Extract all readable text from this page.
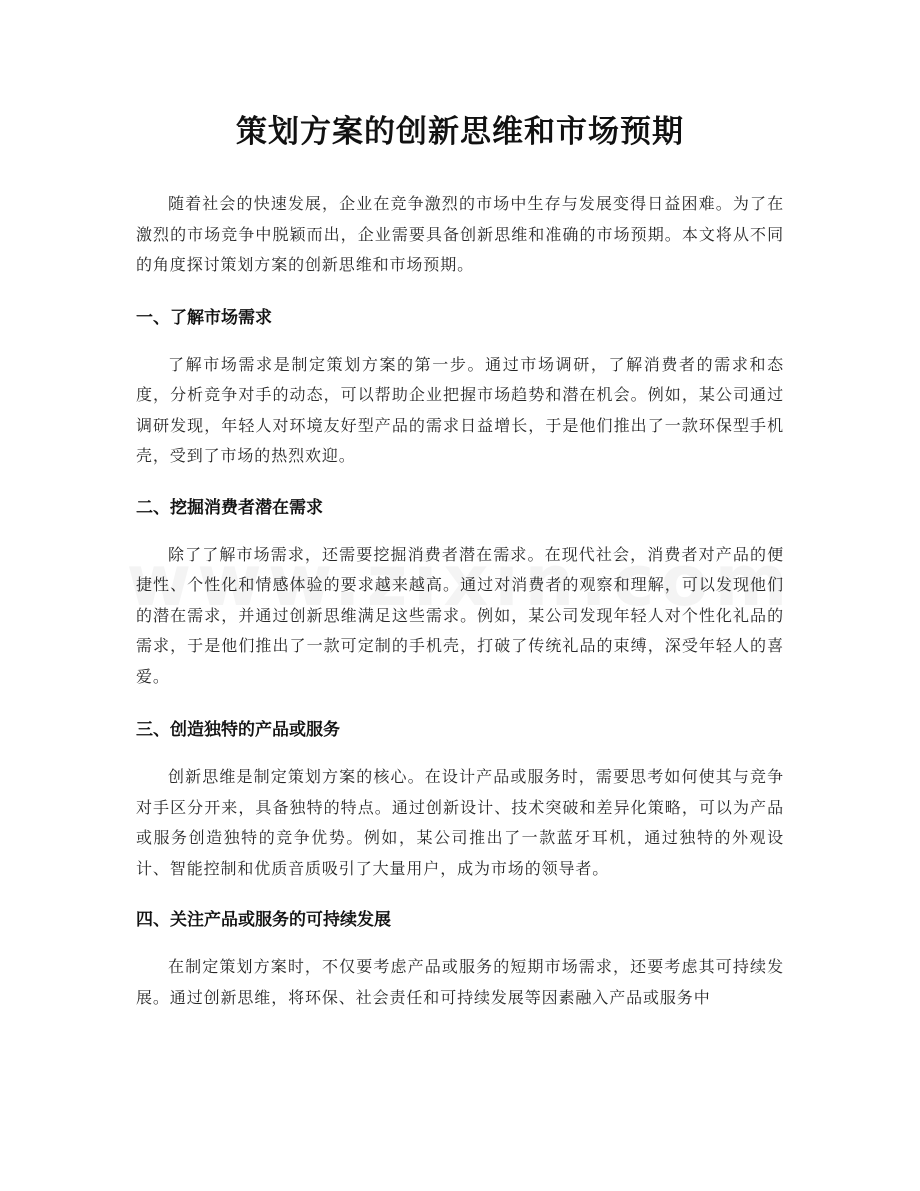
策划方案的创新思维和市场预期

随着社会的快速发展，企业在竞争激烈的市场中生存与发展变得日益困难。为了在激烈的市场竞争中脱颖而出，企业需要具备创新思维和准确的市场预期。本文将从不同的角度探讨策划方案的创新思维和市场预期。

一、了解市场需求

了解市场需求是制定策划方案的第一步。通过市场调研，了解消费者的需求和态度，分析竞争对手的动态，可以帮助企业把握市场趋势和潜在机会。例如，某公司通过调研发现，年轻人对环境友好型产品的需求日益增长，于是他们推出了一款环保型手机壳，受到了市场的热烈欢迎。

二、挖掘消费者潜在需求

除了了解市场需求，还需要挖掘消费者潜在需求。在现代社会，消费者对产品的便捷性、个性化和情感体验的要求越来越高。通过对消费者的观察和理解，可以发现他们的潜在需求，并通过创新思维满足这些需求。例如，某公司发现年轻人对个性化礼品的需求，于是他们推出了一款可定制的手机壳，打破了传统礼品的束缚，深受年轻人的喜爱。

三、创造独特的产品或服务

创新思维是制定策划方案的核心。在设计产品或服务时，需要思考如何使其与竞争对手区分开来，具备独特的特点。通过创新设计、技术突破和差异化策略，可以为产品或服务创造独特的竞争优势。例如，某公司推出了一款蓝牙耳机，通过独特的外观设计、智能控制和优质音质吸引了大量用户，成为市场的领导者。

四、关注产品或服务的可持续发展

在制定策划方案时，不仅要考虑产品或服务的短期市场需求，还要考虑其可持续发展。通过创新思维，将环保、社会责任和可持续发展等因素融入产品或服务中
